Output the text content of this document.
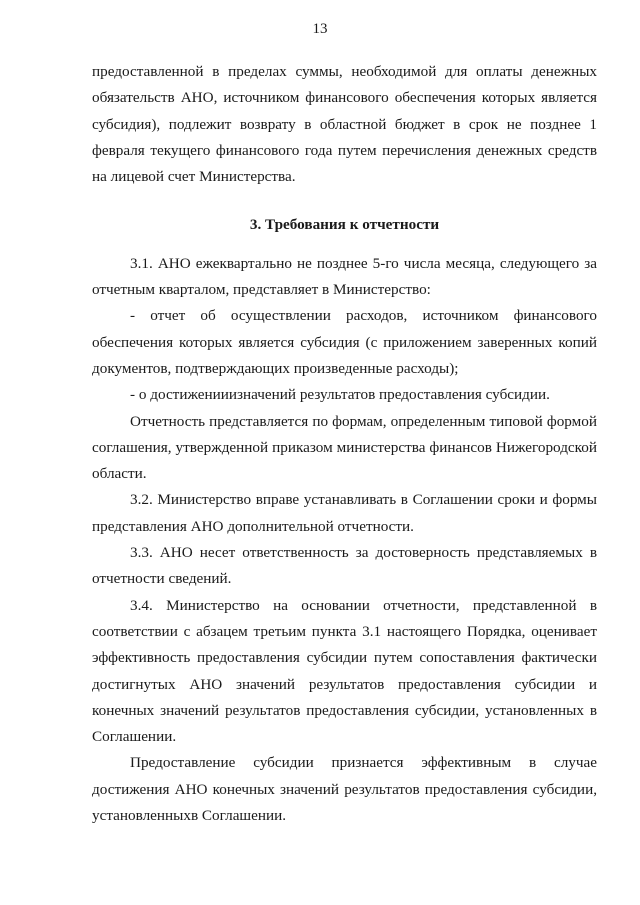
13

предоставленной в пределах суммы, необходимой для оплаты денежных обязательств АНО, источником финансового обеспечения которых является субсидия), подлежит возврату в областной бюджет в срок не позднее 1 февраля текущего финансового года путем перечисления денежных средств на лицевой счет Министерства.

3. Требования к отчетности

3.1. АНО ежеквартально не позднее 5-го числа месяца, следующего за отчетным кварталом, представляет в Министерство:

- отчет об осуществлении расходов, источником финансового обеспечения которых является субсидия (с приложением заверенных копий документов, подтверждающих произведенные расходы);

- о достиженииизначений результатов предоставления субсидии.

Отчетность представляется по формам, определенным типовой формой соглашения, утвержденной приказом министерства финансов Нижегородской области.

3.2. Министерство вправе устанавливать в Соглашении сроки и формы представления АНО дополнительной отчетности.

3.3. АНО несет ответственность за достоверность представляемых в отчетности сведений.

3.4. Министерство на основании отчетности, представленной в соответствии с абзацем третьим пункта 3.1 настоящего Порядка, оценивает эффективность предоставления субсидии путем сопоставления фактически достигнутых АНО значений результатов предоставления субсидии и конечных значений результатов предоставления субсидии, установленных в Соглашении.

Предоставление субсидии признается эффективным в случае достижения АНО конечных значений результатов предоставления субсидии, установленныхв Соглашении.
